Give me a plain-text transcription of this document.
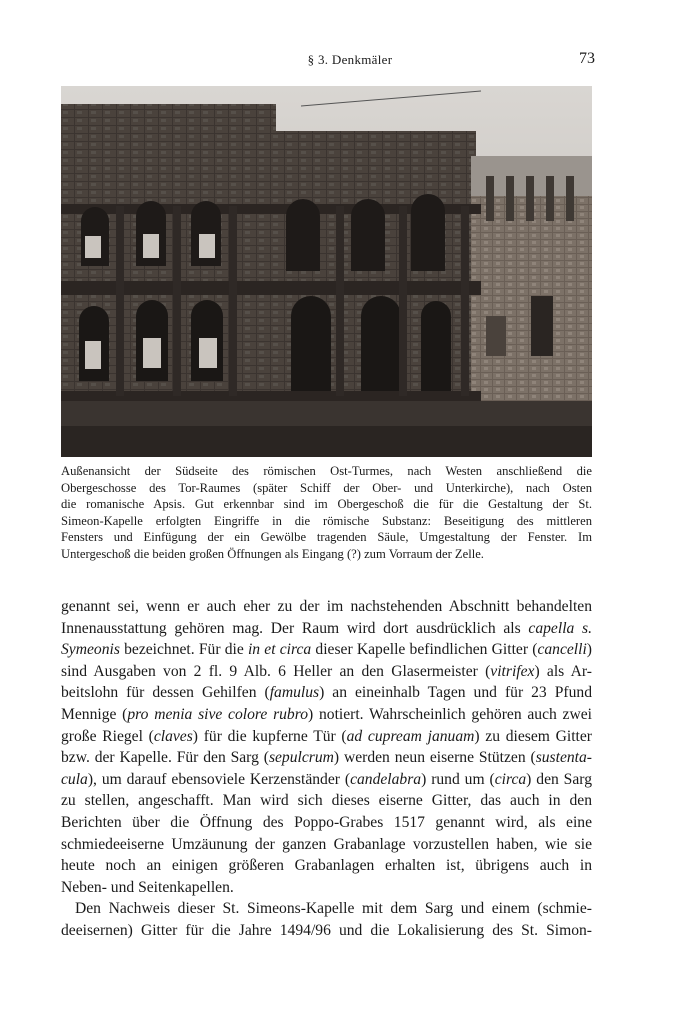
§ 3. Denkmäler	73
Außenansicht der Südseite des römischen Ost-Turmes, nach Westen anschließend die
Obergeschosse des Tor-Raumes (später Schiff der Ober- und Unterkirche), nach Osten
die romanische Apsis. Gut erkennbar sind im Obergeschoß die für die Gestaltung der St.
Simeon-Kapelle erfolgten Eingriffe in die römische Substanz: Beseitigung des mittleren
Fensters und Einfügung der ein Gewölbe tragenden Säule, Umgestaltung der Fenster. Im
Untergeschoß die beiden großen Öffnungen als Eingang (?) zum Vorraum der Zelle.
genannt sei, wenn er auch eher zu der im nachstehenden Abschnitt behandelten
Innenausstattung gehören mag. Der Raum wird dort ausdrücklich als capella s.
Symeonis bezeichnet. Für die in et circa dieser Kapelle befindlichen Gitter (cancelli)
sind Ausgaben von 2 fl. 9 Alb. 6 Heller an den Glasermeister (vitrifex) als Ar-
beitslohn für dessen Gehilfen (famulus) an eineinhalb Tagen und für 23 Pfund
Mennige (pro menia sive colore rubro) notiert. Wahrscheinlich gehören auch zwei
große Riegel (claves) für die kupferne Tür (ad cupream januam) zu diesem Gitter
bzw. der Kapelle. Für den Sarg (sepulcrum) werden neun eiserne Stützen (sustenta-
cula), um darauf ebensoviele Kerzenständer (candelabra) rund um (circa) den Sarg
zu stellen, angeschafft. Man wird sich dieses eiserne Gitter, das auch in den
Berichten über die Öffnung des Poppo-Grabes 1517 genannt wird, als eine
schmiedeeiserne Umzäunung der ganzen Grabanlage vorzustellen haben, wie sie
heute noch an einigen größeren Grabanlagen erhalten ist, übrigens auch in
Neben- und Seitenkapellen.
Den Nachweis dieser St. Simeons-Kapelle mit dem Sarg und einem (schmie-
deeisernen) Gitter für die Jahre 1494/96 und die Lokalisierung des St. Simon-
